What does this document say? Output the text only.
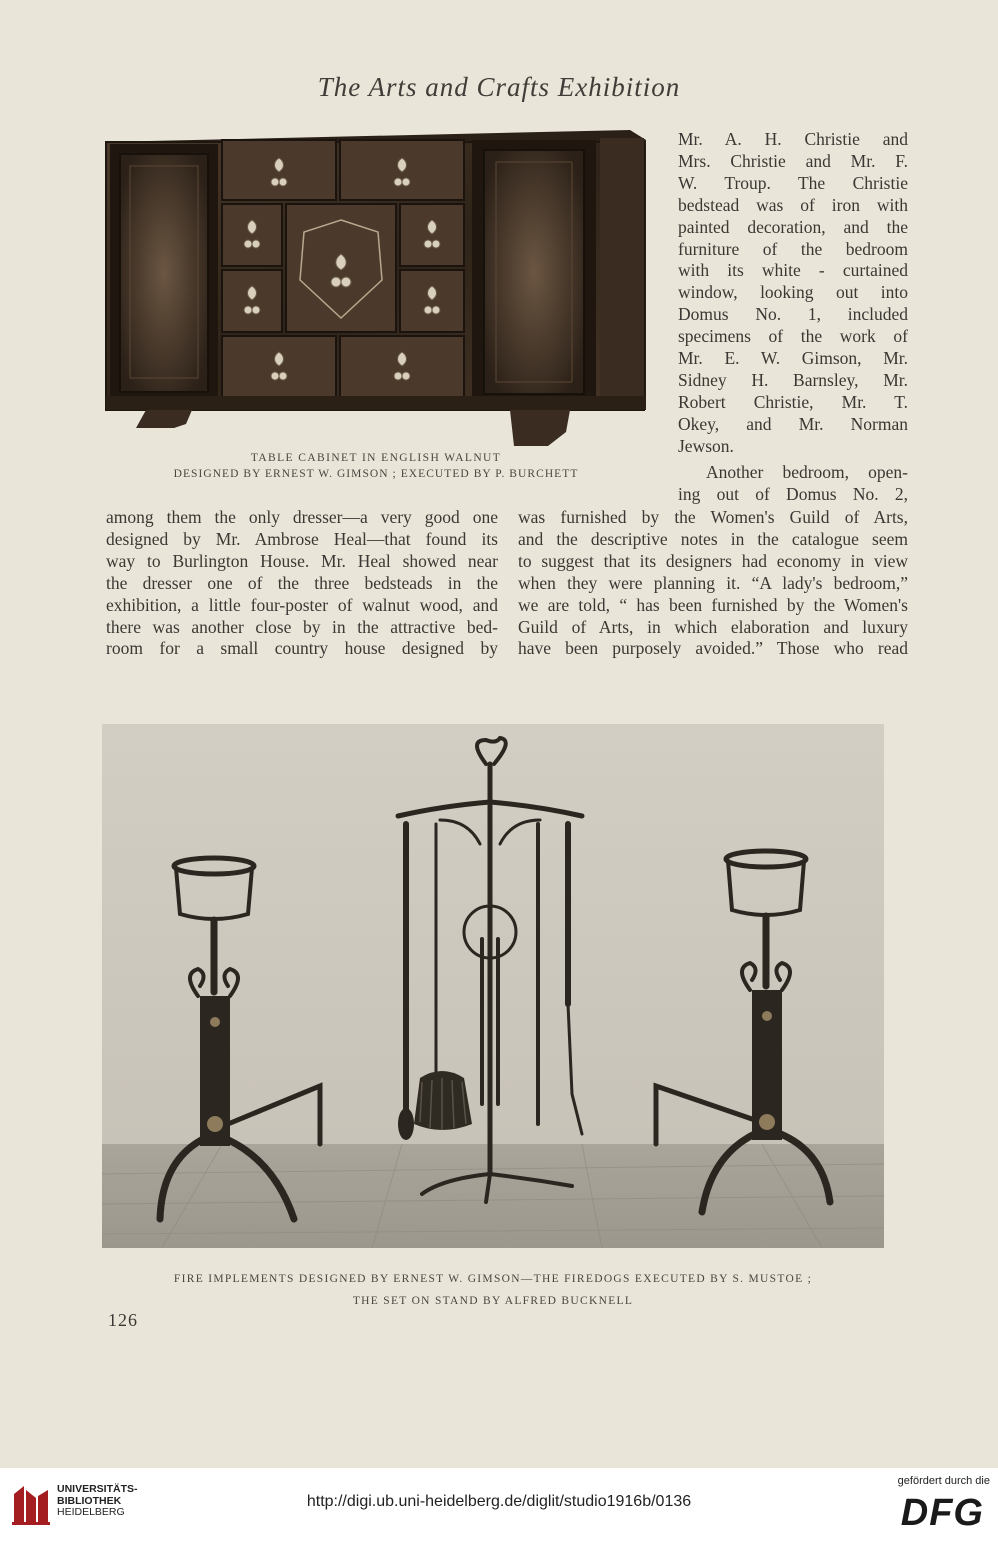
The Arts and Crafts Exhibition
Mr. A. H. Christie and
Mrs. Christie and Mr. F.
W. Troup. The Christie
bedstead was of iron with
painted decoration, and the
furniture of the bedroom
with its white - curtained
window, looking out into
Domus No. 1, included
specimens of the work of
Mr. E. W. Gimson, Mr.
Sidney H. Barnsley, Mr.
Robert Christie, Mr. T.
Okey, and Mr. Norman
Jewson.
Another bedroom, open-
ing out of Domus No. 2,
TABLE CABINET IN ENGLISH WALNUT
DESIGNED BY ERNEST W. GIMSON ; EXECUTED BY P. BURCHETT
among them the only dresser—a very good one
designed by Mr. Ambrose Heal—that found its
way to Burlington House. Mr. Heal showed near
the dresser one of the three bedsteads in the
exhibition, a little four-poster of walnut wood, and
there was another close by in the attractive bed-
room for a small country house designed by
was furnished by the Women's Guild of Arts,
and the descriptive notes in the catalogue seem
to suggest that its designers had economy in view
when they were planning it. “A lady's bedroom,”
we are told, “ has been furnished by the Women's
Guild of Arts, in which elaboration and luxury
have been purposely avoided.” Those who read
FIRE IMPLEMENTS DESIGNED BY ERNEST W. GIMSON—THE FIREDOGS EXECUTED BY S. MUSTOE ;
THE SET ON STAND BY ALFRED BUCKNELL
126
UNIVERSITÄTS-
BIBLIOTHEK
HEIDELBERG
http://digi.ub.uni-heidelberg.de/diglit/studio1916b/0136
gefördert durch die
DFG
